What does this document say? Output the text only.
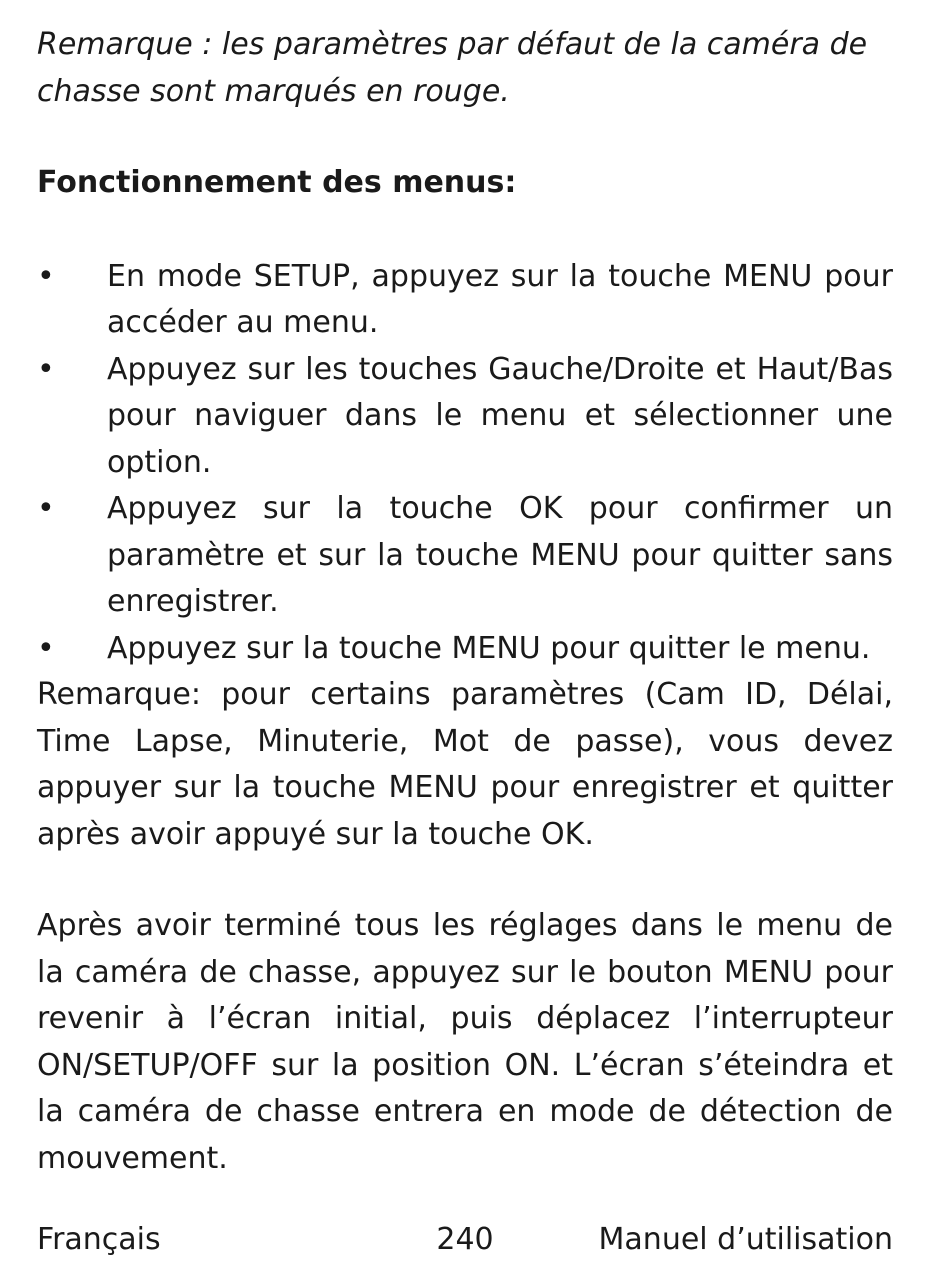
Remarque : les paramètres par défaut de la caméra de chasse sont marqués en rouge.

Fonctionnement des menus:
• En mode SETUP, appuyez sur la touche MENU pour accéder au menu.
• Appuyez sur les touches Gauche/Droite et Haut/Bas pour naviguer dans le menu et sélectionner une option.
• Appuyez sur la touche OK pour confirmer un paramètre et sur la touche MENU pour quitter sans enregistrer.
• Appuyez sur la touche MENU pour quitter le menu.

Remarque: pour certains paramètres (Cam ID, Délai, Time Lapse, Minuterie, Mot de passe), vous devez appuyer sur la touche MENU pour enregistrer et quitter après avoir appuyé sur la touche OK.

Après avoir terminé tous les réglages dans le menu de la caméra de chasse, appuyez sur le bouton MENU pour revenir à l’écran initial, puis déplacez l’interrupteur ON/SETUP/OFF sur la position ON. L’écran s’éteindra et la caméra de chasse entrera en mode de détection de mouvement.

Français	240	Manuel d’utilisation
